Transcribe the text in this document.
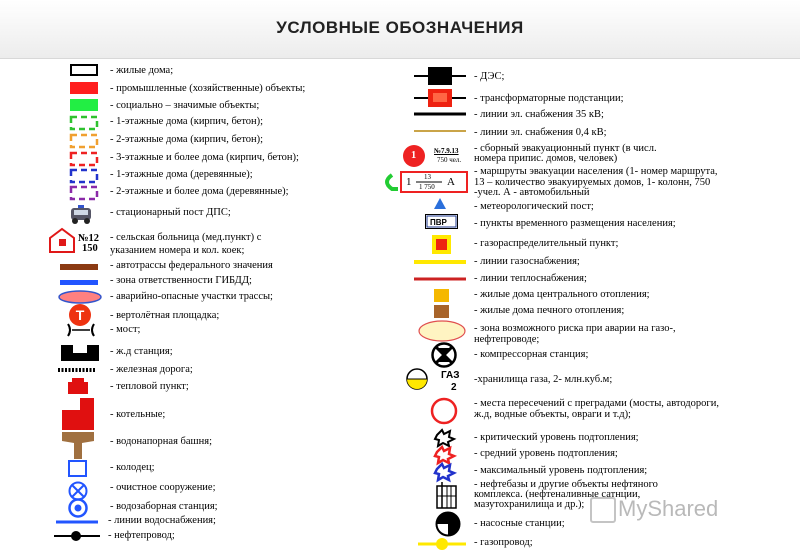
УСЛОВНЫЕ ОБОЗНАЧЕНИЯ
№12
150
Т
- жилые дома;
- промышленные (хозяйственные) объекты;
- социально – значимые объекты;
- 1-этажные дома (кирпич, бетон);
- 2-этажные дома (кирпич, бетон);
- 3-этажные и более дома (кирпич, бетон);
- 1-этажные дома (деревянные);
- 2-этажные и более дома (деревянные);
- стационарный пост ДПС;
- сельская больница (мед.пункт) с
указанием номера и кол. коек;
- автотрассы федерального значения
- зона ответственности ГИБДД;
- аварийно-опасные участки трассы;
- вертолётная площадка;
- мост;
- ж.д станция;
- железная дорога;
- тепловой пункт;
- котельные;
- водонапорная башня;
- колодец;
- очистное сооружение;
- водозаборная станция;
- линии водоснабжения;
- нефтепровод;
1	№7.9.13
750 чел.
1 13
1 750 А
ПВР
ГАЗ
2
- ДЭС;
- трансформаторные подстанции;
- линии эл. снабжения 35 кВ;
- линии эл. снабжения 0,4 кВ;
- сборный эвакуационный пункт (в числ.
номера припис. домов, человек)
- маршруты эвакуации населения (1- номер маршрута,
13 – количество эвакуируемых домов, 1- колонн, 750
-учел. А - автомобильный
- метеорологический пост;
- пункты временного размещения населения;
- газораспределительный пункт;
- линии газоснабжения;
- линии теплоснабжения;
- жилые дома центрального отопления;
- жилые дома печного отопления;
- зона возможного риска при аварии на газо-,
нефтепроводе;
- компрессорная станция;
-хранилища газа, 2- млн.куб.м;
- места пересечений с преградами (мосты, автодороги,
ж.д, водные объекты, овраги и т.д);
- критический уровень подтопления;
- средний уровень подтопления;
- максимальный уровень подтопления;
- нефтебазы и другие объекты нефтяного
комплекса. (нефтеналивные сатнции,
мазутохранилища и др.);
- насосные станции;
- газопровод;
MyShared
